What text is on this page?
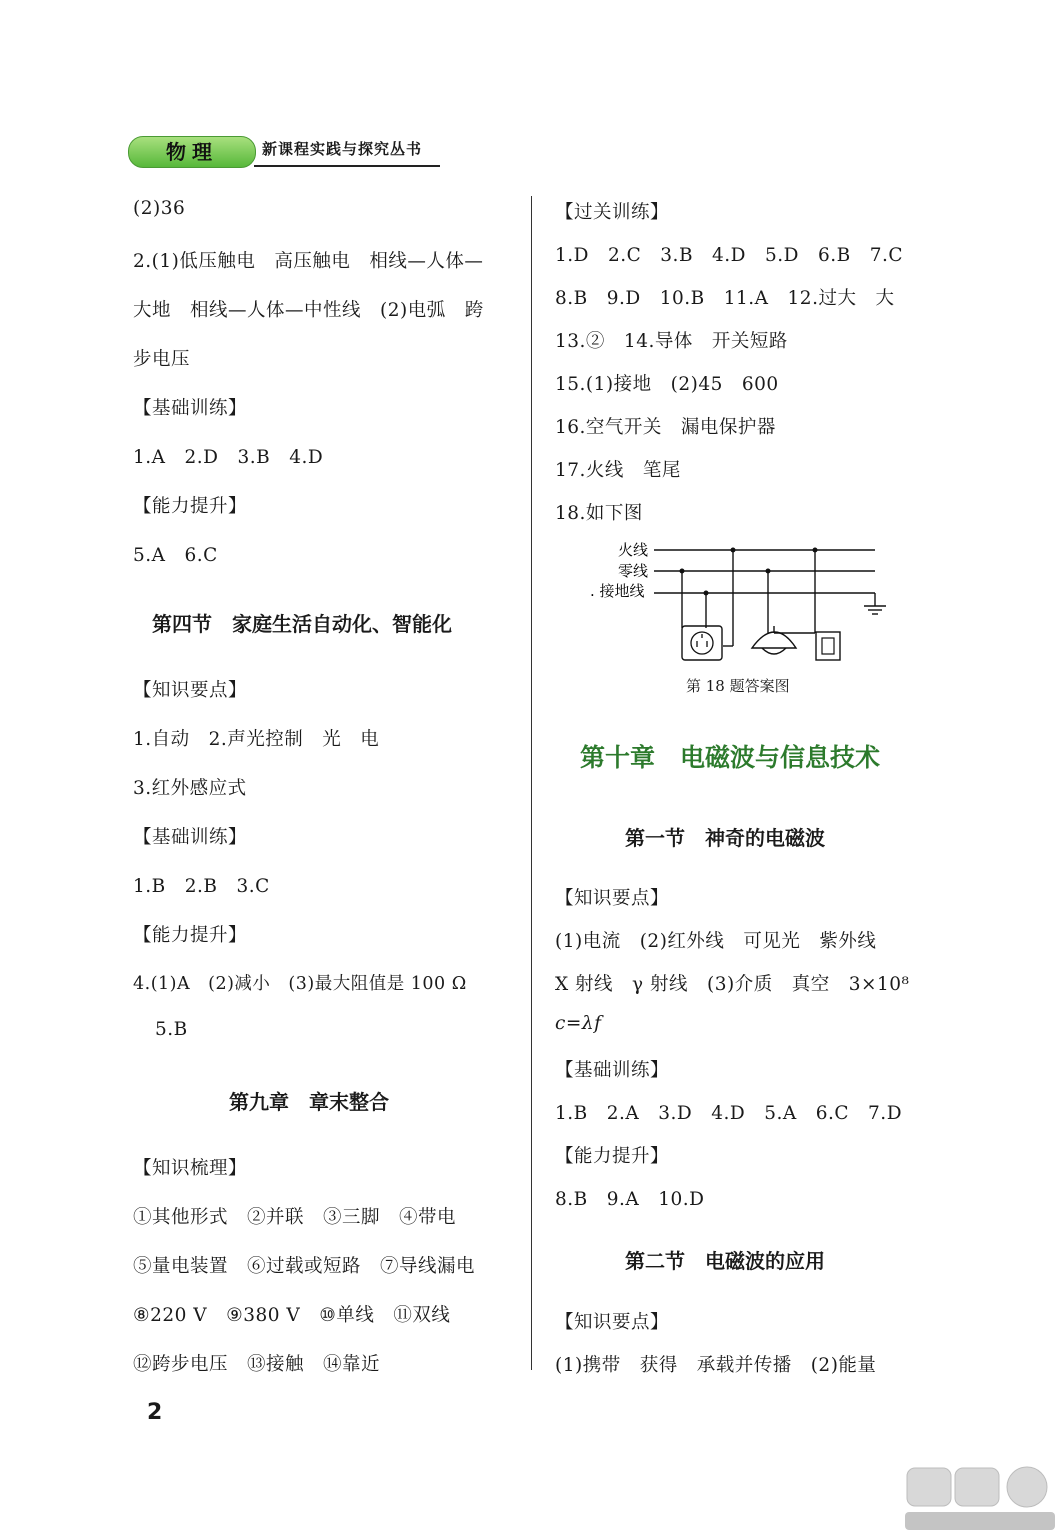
物理	新课程实践与探究丛书
(2)36
2.(1)低压触电　高压触电　相线—人体—
大地　相线—人体—中性线　(2)电弧　跨
步电压
【基础训练】
1.A　2.D　3.B　4.D
【能力提升】
5.A　6.C
第四节　家庭生活自动化、智能化
【知识要点】
1.自动　2.声光控制　光　电
3.红外感应式
【基础训练】
1.B　2.B　3.C
【能力提升】
4.(1)A　(2)减小　(3)最大阻值是 100 Ω
5.B
第九章　章末整合
【知识梳理】
①其他形式　②并联　③三脚　④带电
⑤量电装置　⑥过载或短路　⑦导线漏电
⑧220 V　⑨380 V　⑩单线　⑪双线
⑫跨步电压　⑬接触　⑭靠近
【过关训练】
1.D　2.C　3.B　4.D　5.D　6.B　7.C
8.B　9.D　10.B　11.A　12.过大　大
13.②　14.导体　开关短路
15.(1)接地　(2)45　600
16.空气开关　漏电保护器
17.火线　笔尾
18.如下图
火线
零线
. 接地线
第 18 题答案图
第十章　电磁波与信息技术
第一节　神奇的电磁波
【知识要点】
(1)电流　(2)红外线　可见光　紫外线
X 射线　γ 射线　(3)介质　真空　3×10⁸
c=λf
【基础训练】
1.B　2.A　3.D　4.D　5.A　6.C　7.D
【能力提升】
8.B　9.A　10.D
第二节　电磁波的应用
【知识要点】
(1)携带　获得　承载并传播　(2)能量
2
